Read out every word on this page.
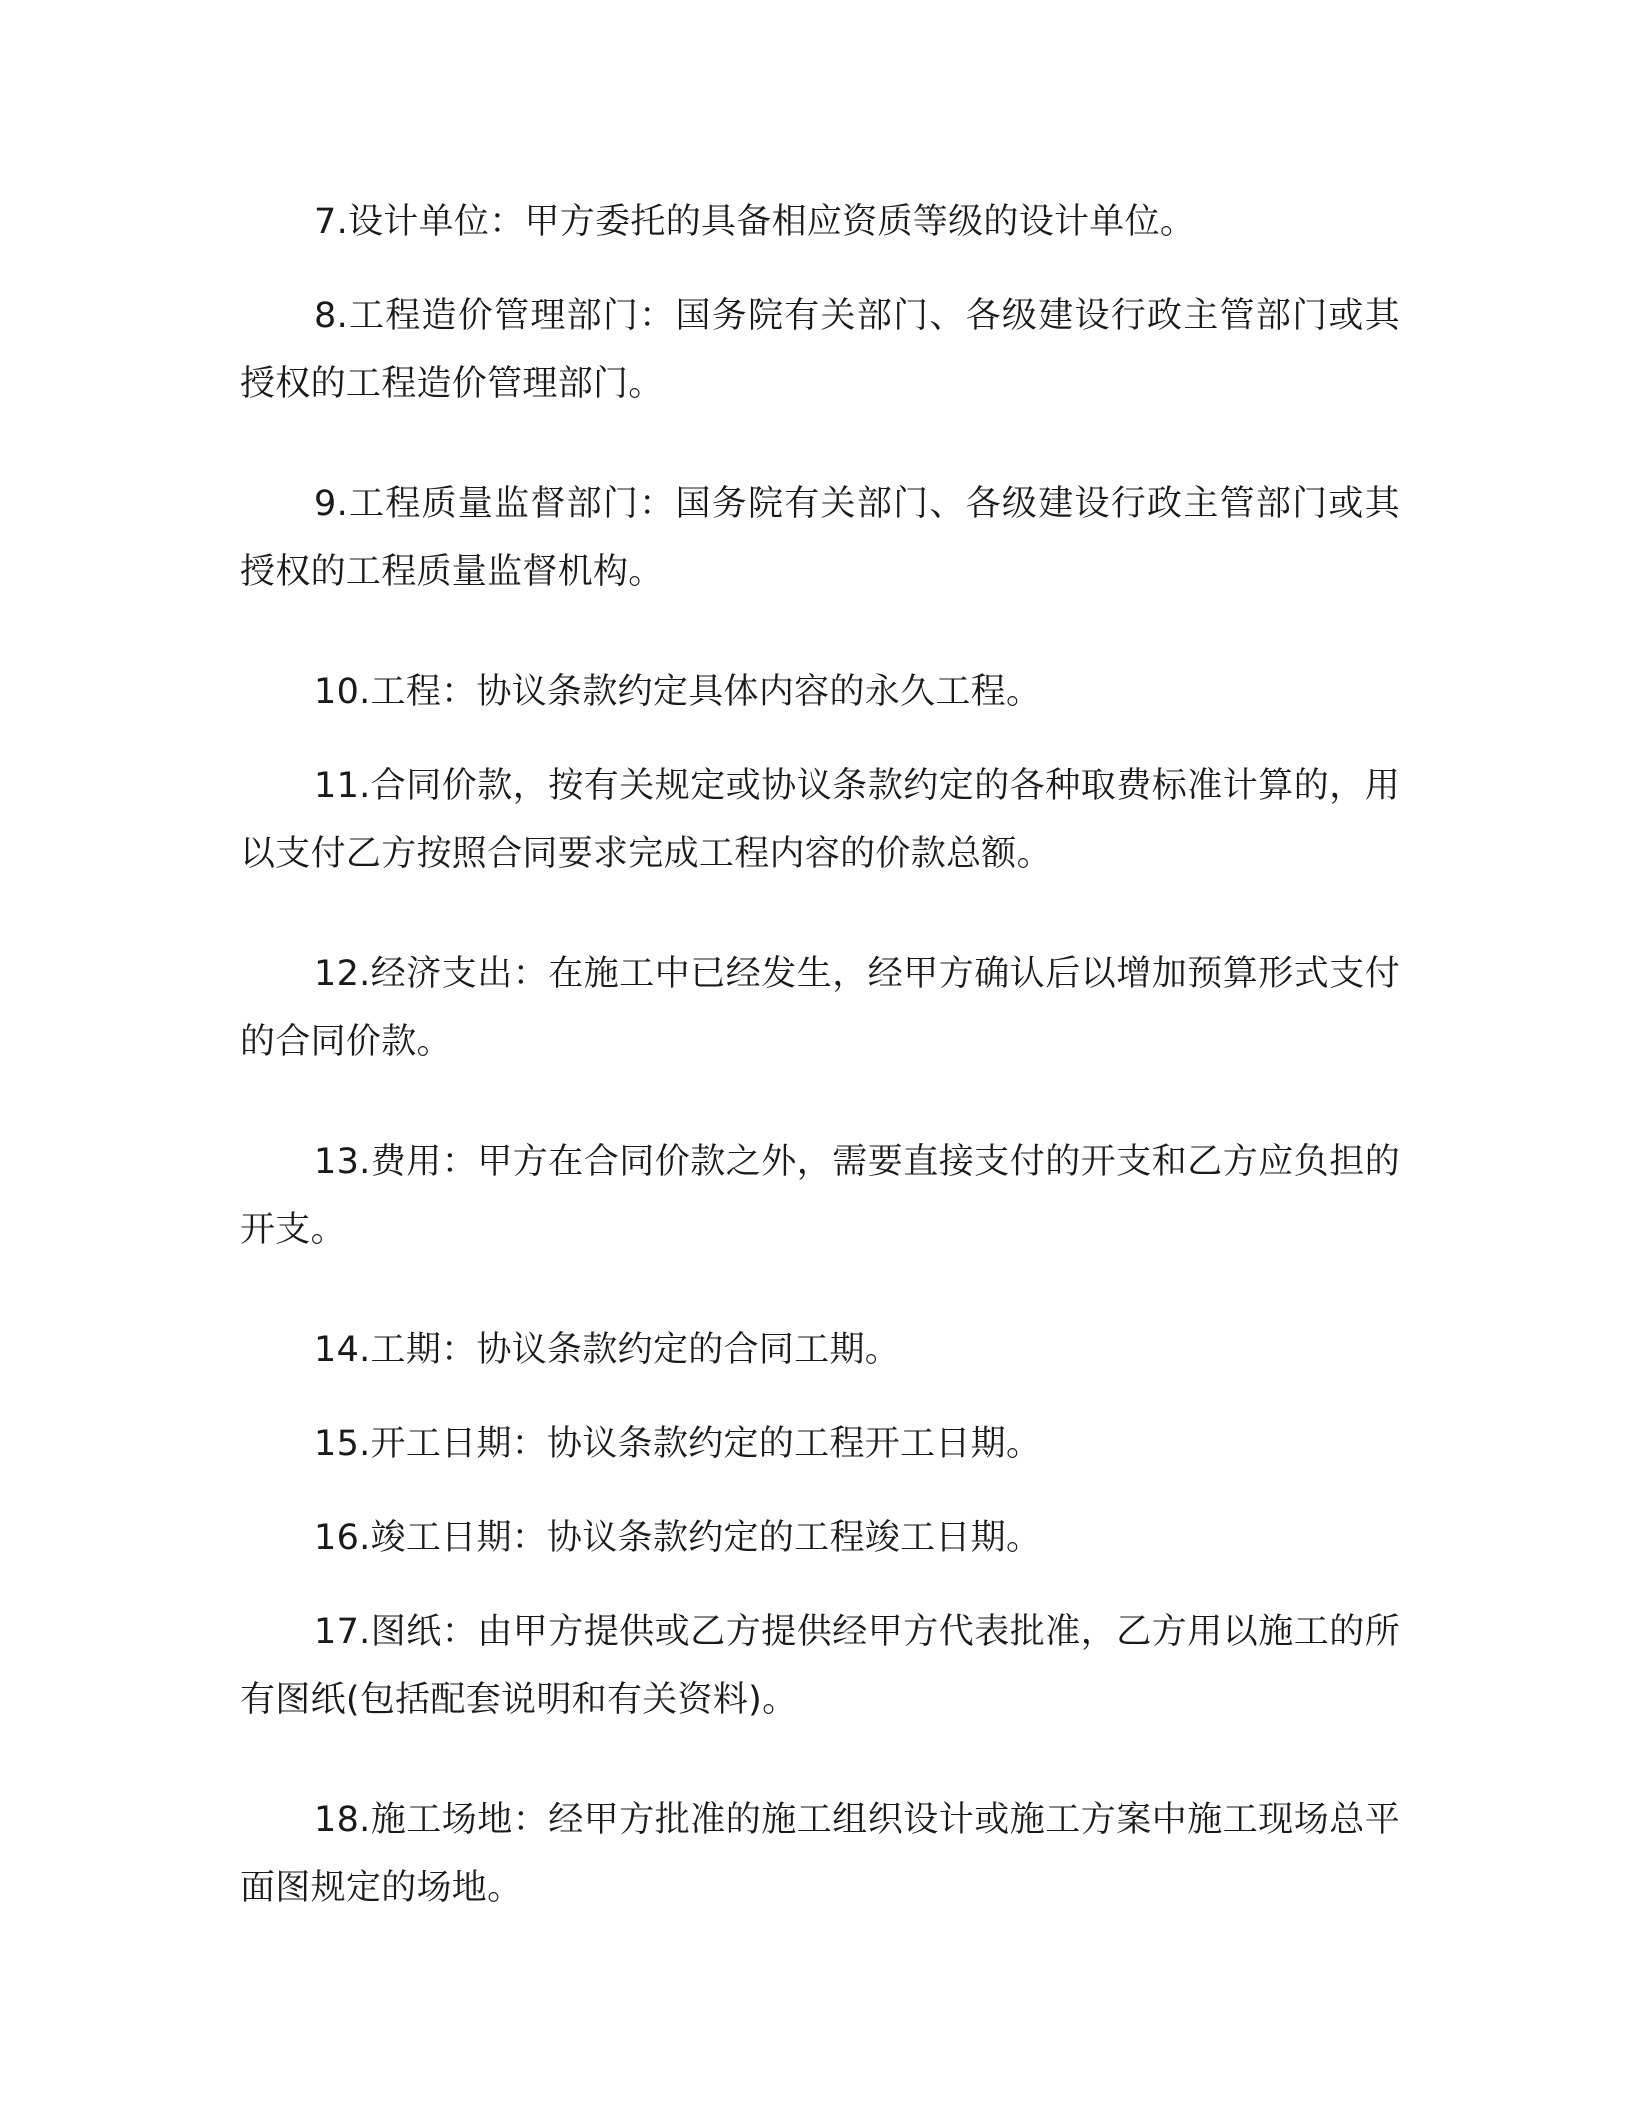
7.设计单位：甲方委托的具备相应资质等级的设计单位。

8.工程造价管理部门：国务院有关部门、各级建设行政主管部门或其授权的工程造价管理部门。

9.工程质量监督部门：国务院有关部门、各级建设行政主管部门或其授权的工程质量监督机构。

10.工程：协议条款约定具体内容的永久工程。

11.合同价款，按有关规定或协议条款约定的各种取费标准计算的，用以支付乙方按照合同要求完成工程内容的价款总额。

12.经济支出：在施工中已经发生，经甲方确认后以增加预算形式支付的合同价款。

13.费用：甲方在合同价款之外，需要直接支付的开支和乙方应负担的开支。

14.工期：协议条款约定的合同工期。

15.开工日期：协议条款约定的工程开工日期。

16.竣工日期：协议条款约定的工程竣工日期。

17.图纸：由甲方提供或乙方提供经甲方代表批准，乙方用以施工的所有图纸(包括配套说明和有关资料)。

18.施工场地：经甲方批准的施工组织设计或施工方案中施工现场总平面图规定的场地。
